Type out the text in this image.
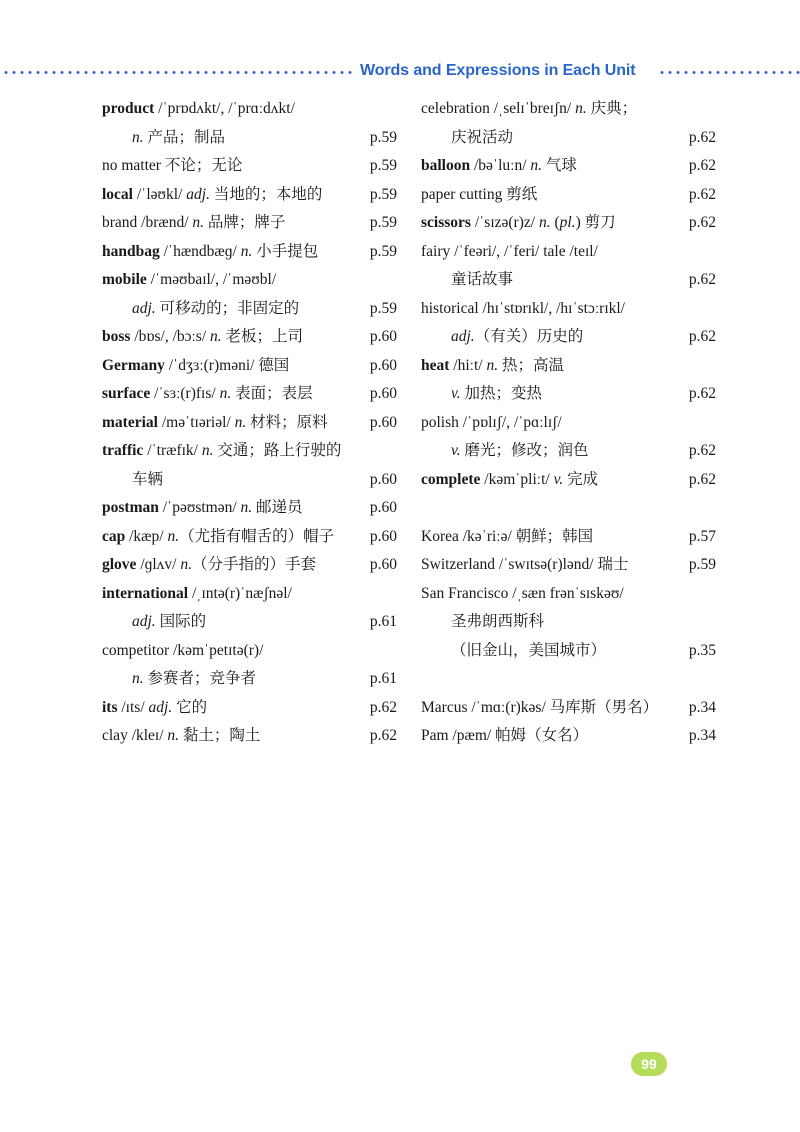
Words and Expressions in Each Unit
product /ˈprɒdʌkt/, /ˈprɑːdʌkt/
n. 产品；制品	p.59
no matter 不论；无论	p.59
local /ˈləʊkl/ adj. 当地的；本地的	p.59
brand /brænd/ n. 品牌；牌子	p.59
handbag /ˈhændbæɡ/ n. 小手提包	p.59
mobile /ˈməʊbaɪl/, /ˈməʊbl/
adj. 可移动的；非固定的	p.59
boss /bɒs/, /bɔːs/ n. 老板；上司	p.60
Germany /ˈdʒɜː(r)məni/ 德国	p.60
surface /ˈsɜː(r)fɪs/ n. 表面；表层	p.60
material /məˈtɪəriəl/ n. 材料；原料	p.60
traffic /ˈtræfɪk/ n. 交通；路上行驶的
车辆	p.60
postman /ˈpəʊstmən/ n. 邮递员	p.60
cap /kæp/ n.（尤指有帽舌的）帽子 p.60
glove /ɡlʌv/ n.（分手指的）手套	p.60
international /ˌɪntə(r)ˈnæʃnəl/
adj. 国际的	p.61
competitor /kəmˈpetɪtə(r)/
n. 参赛者；竞争者	p.61
its /ɪts/ adj. 它的	p.62
clay /kleɪ/ n. 黏土；陶土	p.62
celebration /ˌselɪˈbreɪʃn/ n. 庆典；
庆祝活动	p.62
balloon /bəˈluːn/ n. 气球	p.62
paper cutting 剪纸	p.62
scissors /ˈsɪzə(r)z/ n. (pl.) 剪刀	p.62
fairy /ˈfeəri/, /ˈferi/ tale /teɪl/
童话故事	p.62
historical /hɪˈstɒrɪkl/, /hɪˈstɔːrɪkl/
adj.（有关）历史的	p.62
heat /hiːt/ n. 热；高温
v. 加热；变热	p.62
polish /ˈpɒlɪʃ/, /ˈpɑːlɪʃ/
v. 磨光；修改；润色	p.62
complete /kəmˈpliːt/ v. 完成	p.62
Korea /kəˈriːə/ 朝鲜；韩国	p.57
Switzerland /ˈswɪtsə(r)lənd/ 瑞士	p.59
San Francisco /ˌsæn frənˈsɪskəʊ/
圣弗朗西斯科
（旧金山，美国城市）	p.35
Marcus /ˈmɑː(r)kəs/ 马库斯（男名） p.34
Pam /pæm/ 帕姆（女名）	p.34
99
